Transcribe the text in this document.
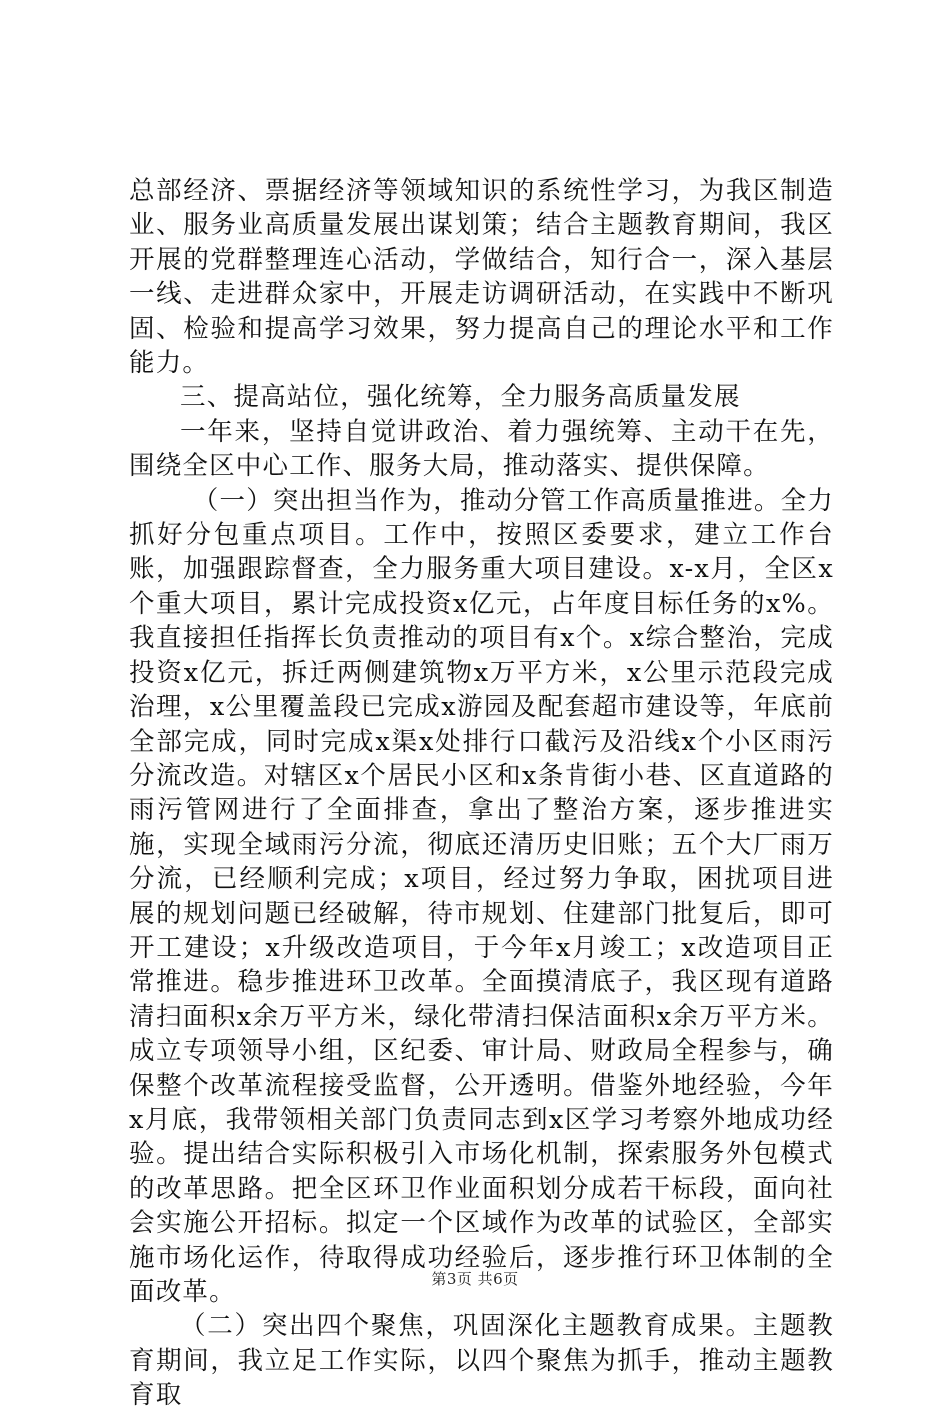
总部经济、票据经济等领域知识的系统性学习，为我区制造业、服务业高质量发展出谋划策；结合主题教育期间，我区开展的党群整理连心活动，学做结合，知行合一，深入基层一线、走进群众家中，开展走访调研活动，在实践中不断巩固、检验和提高学习效果，努力提高自己的理论水平和工作能力。

三、提高站位，强化统筹，全力服务高质量发展

一年来，坚持自觉讲政治、着力强统筹、主动干在先，围绕全区中心工作、服务大局，推动落实、提供保障。

（一）突出担当作为，推动分管工作高质量推进。全力抓好分包重点项目。工作中，按照区委要求，建立工作台账，加强跟踪督查，全力服务重大项目建设。x-x月，全区x个重大项目，累计完成投资x亿元，占年度目标任务的x%。我直接担任指挥长负责推动的项目有x个。x综合整治，完成投资x亿元，拆迁两侧建筑物x万平方米，x公里示范段完成治理，x公里覆盖段已完成x游园及配套超市建设等，年底前全部完成，同时完成x渠x处排行口截污及沿线x个小区雨污分流改造。对辖区x个居民小区和x条肯街小巷、区直道路的雨污管网进行了全面排查，拿出了整治方案，逐步推进实施，实现全域雨污分流，彻底还清历史旧账；五个大厂雨万分流，已经顺利完成；x项目，经过努力争取，困扰项目进展的规划问题已经破解，待市规划、住建部门批复后，即可开工建设；x升级改造项目，于今年x月竣工；x改造项目正常推进。稳步推进环卫改革。全面摸清底子，我区现有道路清扫面积x余万平方米，绿化带清扫保洁面积x余万平方米。成立专项领导小组，区纪委、审计局、财政局全程参与，确保整个改革流程接受监督，公开透明。借鉴外地经验，今年x月底，我带领相关部门负责同志到x区学习考察外地成功经验。提出结合实际积极引入市场化机制，探索服务外包模式的改革思路。把全区环卫作业面积划分成若干标段，面向社会实施公开招标。拟定一个区域作为改革的试验区，全部实施市场化运作，待取得成功经验后，逐步推行环卫体制的全面改革。

（二）突出四个聚焦，巩固深化主题教育成果。主题教育期间，我立足工作实际，以四个聚焦为抓手，推动主题教育取

第3页 共6页
